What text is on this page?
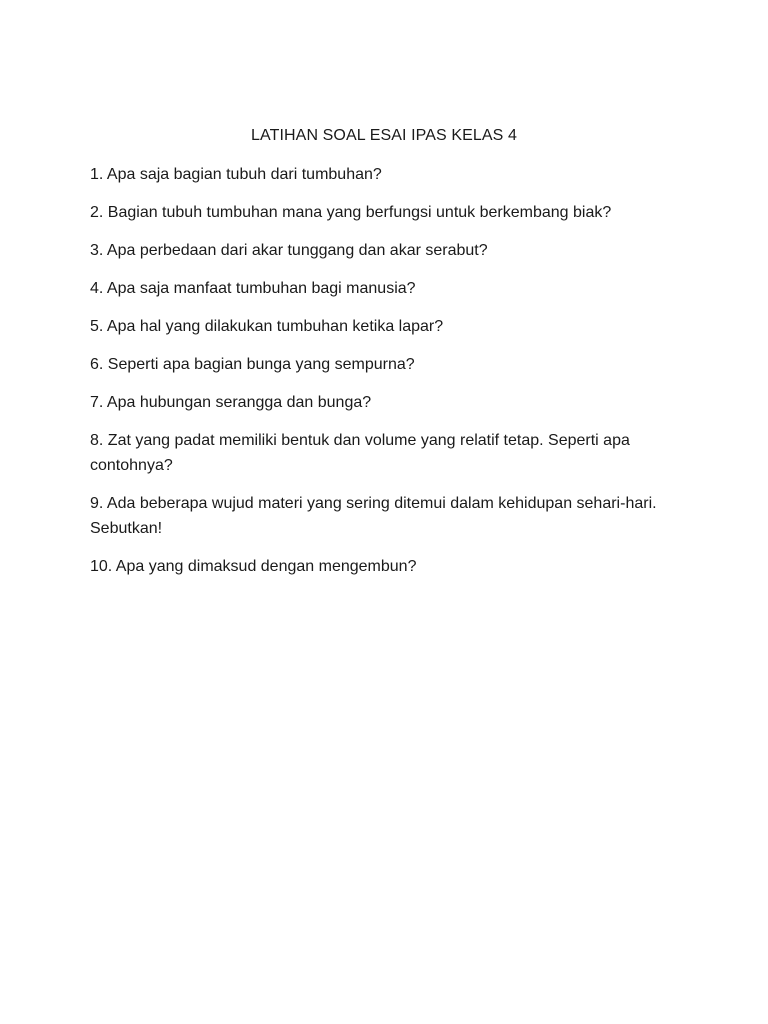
LATIHAN SOAL ESAI IPAS KELAS 4
1. Apa saja bagian tubuh dari tumbuhan?
2. Bagian tubuh tumbuhan mana yang berfungsi untuk berkembang biak?
3. Apa perbedaan dari akar tunggang dan akar serabut?
4. Apa saja manfaat tumbuhan bagi manusia?
5. Apa hal yang dilakukan tumbuhan ketika lapar?
6. Seperti apa bagian bunga yang sempurna?
7. Apa hubungan serangga dan bunga?
8. Zat yang padat memiliki bentuk dan volume yang relatif tetap. Seperti apa contohnya?
9. Ada beberapa wujud materi yang sering ditemui dalam kehidupan sehari-hari. Sebutkan!
10. Apa yang dimaksud dengan mengembun?
